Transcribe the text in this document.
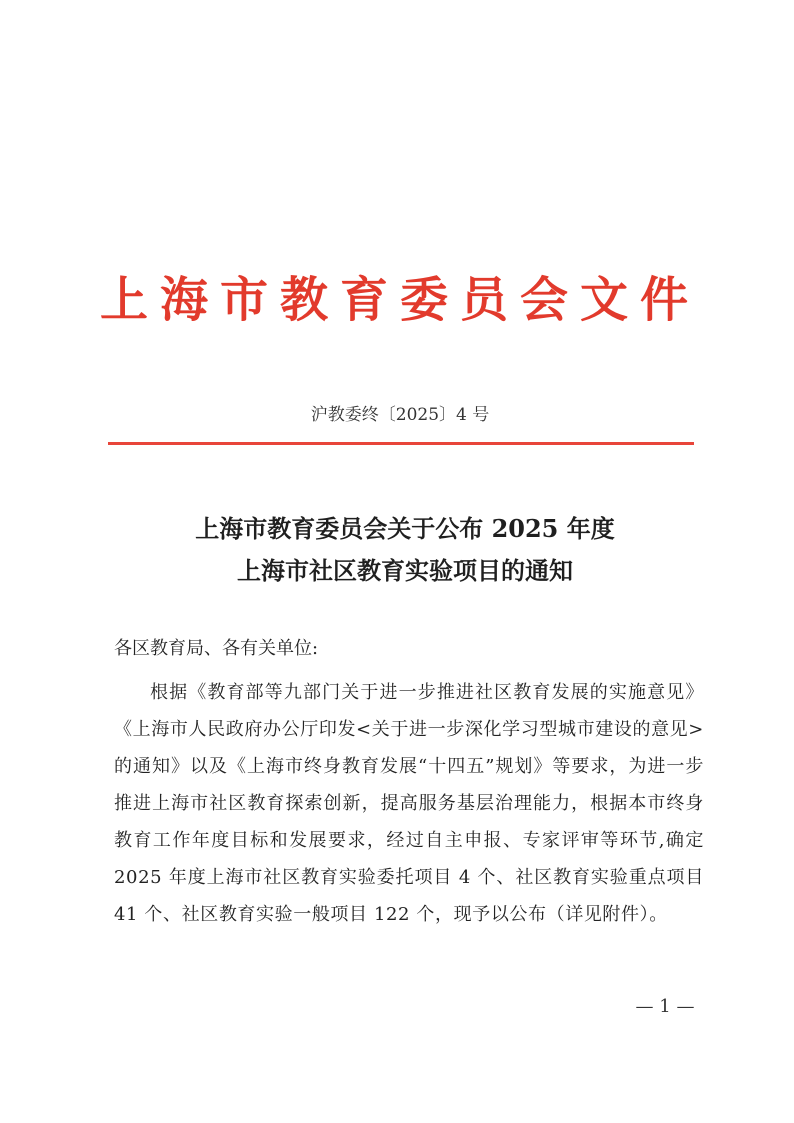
上海市教育委员会文件
沪教委终〔2025〕4 号
上海市教育委员会关于公布 2025 年度
上海市社区教育实验项目的通知
各区教育局、各有关单位:
根据《教育部等九部门关于进一步推进社区教育发展的实施意见》《上海市人民政府办公厅印发<关于进一步深化学习型城市建设的意见>的通知》以及《上海市终身教育发展“十四五”规划》等要求，为进一步推进上海市社区教育探索创新，提高服务基层治理能力，根据本市终身教育工作年度目标和发展要求，经过自主申报、专家评审等环节,确定 2025 年度上海市社区教育实验委托项目 4 个、社区教育实验重点项目 41 个、社区教育实验一般项目 122 个，现予以公布（详见附件）。
— 1 —
